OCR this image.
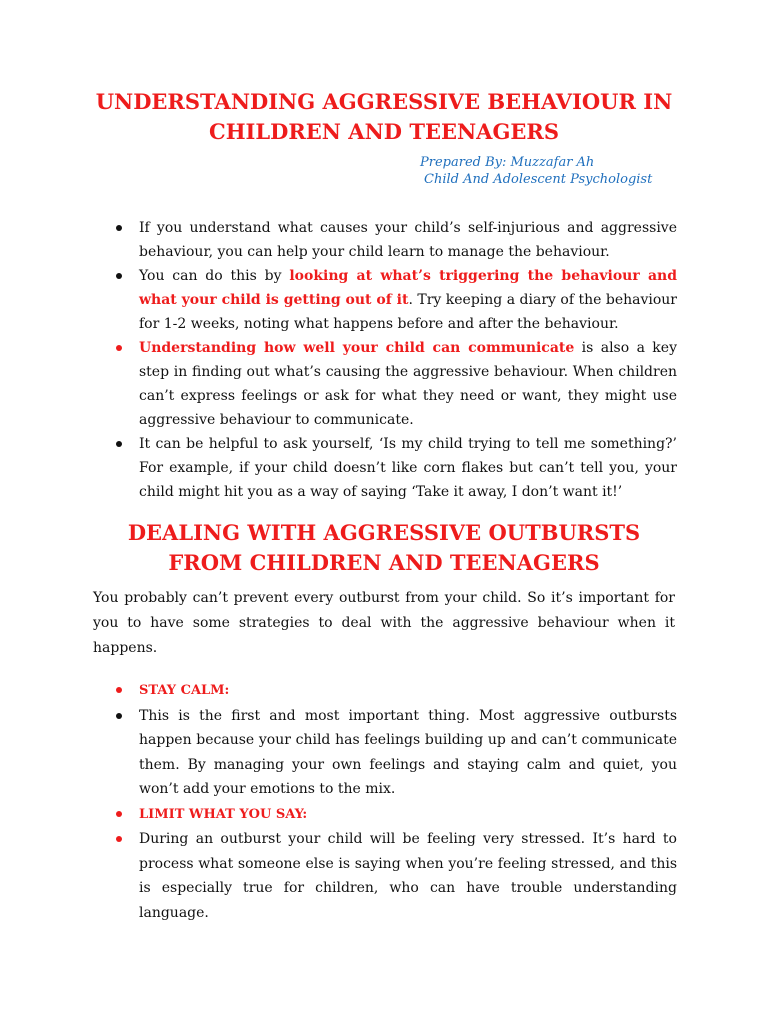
UNDERSTANDING AGGRESSIVE BEHAVIOUR IN
CHILDREN AND TEENAGERS
Prepared By: Muzzafar Ah
Child And Adolescent Psychologist
If you understand what causes your child’s self-injurious and aggressive behaviour, you can help your child learn to manage the behaviour.
You can do this by looking at what’s triggering the behaviour and what your child is getting out of it. Try keeping a diary of the behaviour for 1-2 weeks, noting what happens before and after the behaviour.
Understanding how well your child can communicate is also a key step in finding out what’s causing the aggressive behaviour. When children can’t express feelings or ask for what they need or want, they might use aggressive behaviour to communicate.
It can be helpful to ask yourself, ‘Is my child trying to tell me something?’ For example, if your child doesn’t like corn flakes but can’t tell you, your child might hit you as a way of saying ‘Take it away, I don’t want it!’
DEALING WITH AGGRESSIVE OUTBURSTS
FROM CHILDREN AND TEENAGERS

You probably can’t prevent every outburst from your child. So it’s important for you to have some strategies to deal with the aggressive behaviour when it happens.

STAY CALM:
This is the first and most important thing. Most aggressive outbursts happen because your child has feelings building up and can’t communicate them. By managing your own feelings and staying calm and quiet, you won’t add your emotions to the mix.
LIMIT WHAT YOU SAY:
During an outburst your child will be feeling very stressed. It’s hard to process what someone else is saying when you’re feeling stressed, and this is especially true for children, who can have trouble understanding language.
